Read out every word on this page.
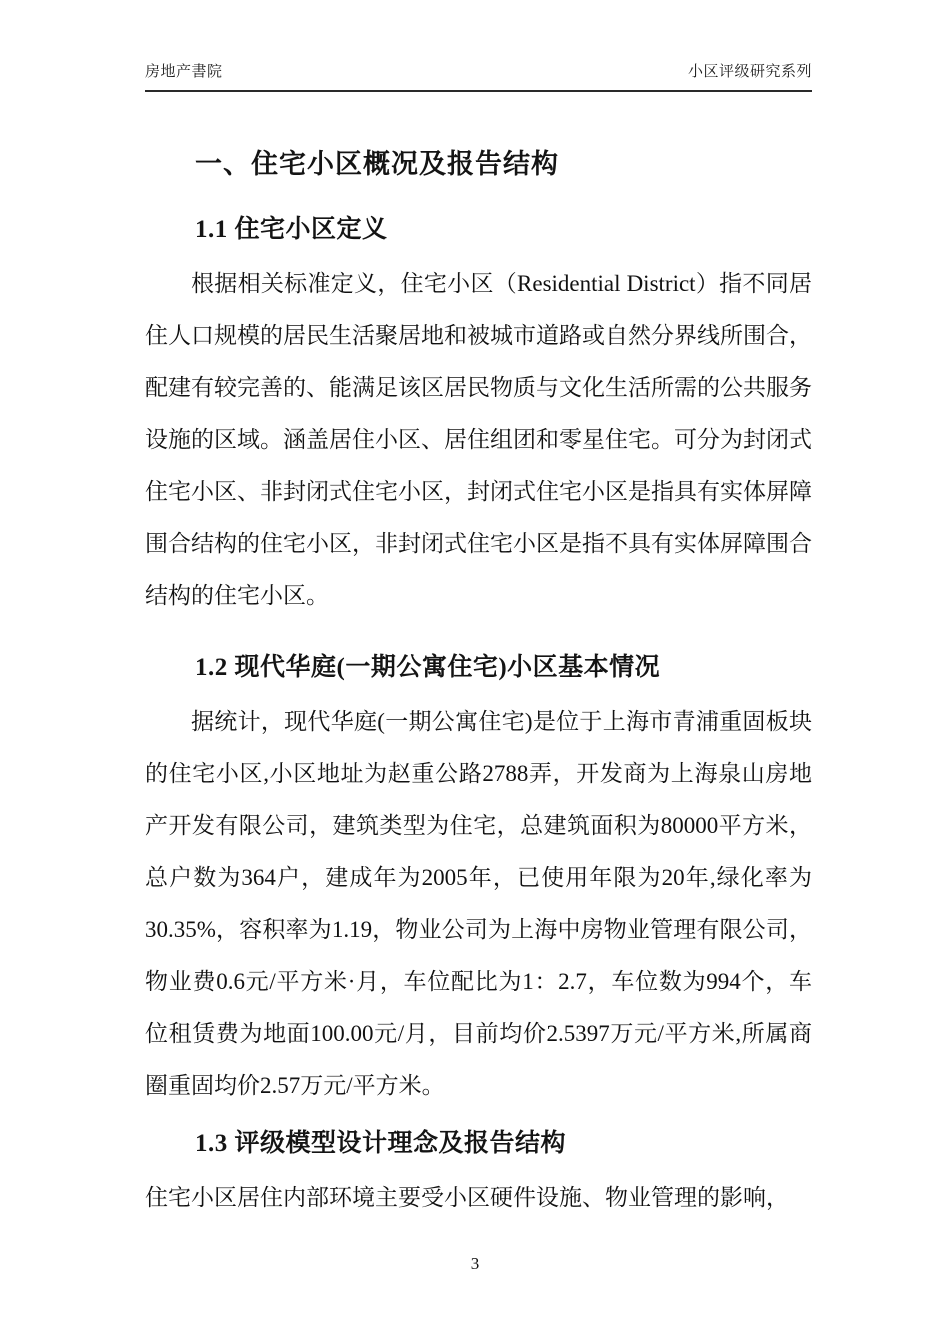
房地产書院	小区评级研究系列
一、住宅小区概况及报告结构
1.1 住宅小区定义

根据相关标准定义，住宅小区（Residential District）指不同居住人口规模的居民生活聚居地和被城市道路或自然分界线所围合，配建有较完善的、能满足该区居民物质与文化生活所需的公共服务设施的区域。涵盖居住小区、居住组团和零星住宅。可分为封闭式住宅小区、非封闭式住宅小区，封闭式住宅小区是指具有实体屏障围合结构的住宅小区，非封闭式住宅小区是指不具有实体屏障围合结构的住宅小区。

1.2 现代华庭(一期公寓住宅)小区基本情况

据统计，现代华庭(一期公寓住宅)是位于上海市青浦重固板块的住宅小区,小区地址为赵重公路2788弄，开发商为上海泉山房地产开发有限公司，建筑类型为住宅，总建筑面积为80000平方米，总户数为364户，建成年为2005年，已使用年限为20年,绿化率为30.35%，容积率为1.19，物业公司为上海中房物业管理有限公司，物业费0.6元/平方米·月，车位配比为1：2.7，车位数为994个，车位租赁费为地面100.00元/月，目前均价2.5397万元/平方米,所属商圈重固均价2.57万元/平方米。

1.3 评级模型设计理念及报告结构

住宅小区居住内部环境主要受小区硬件设施、物业管理的影响，

3
